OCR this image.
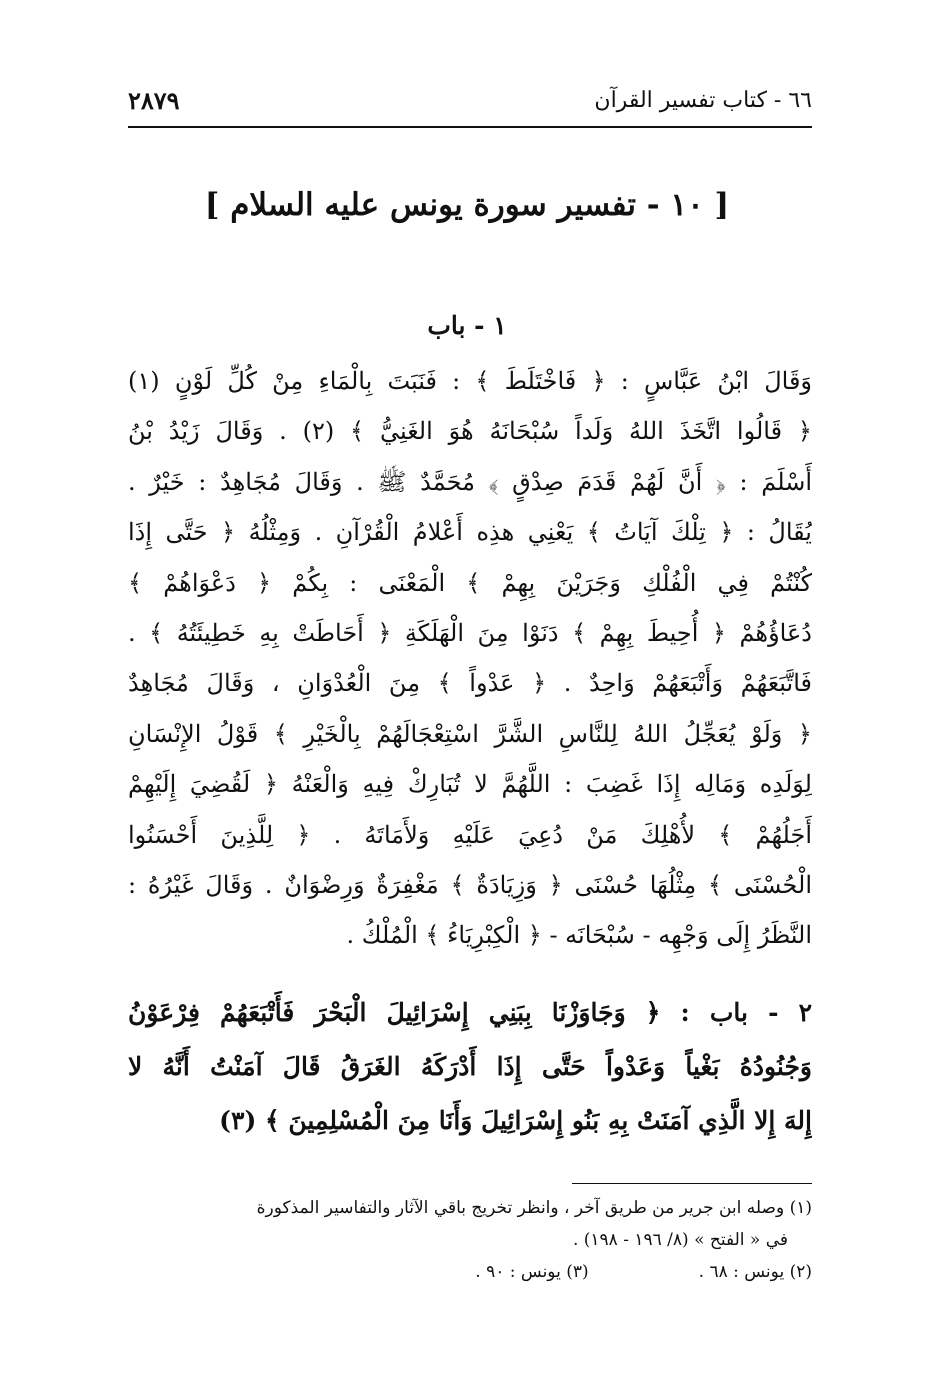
٦٦ - كتاب تفسير القرآن
٢٨٧٩
[ ١٠ - تفسير سورة يونس عليه السلام ]
١ - باب
وَقَالَ ابْنُ عَبَّاسٍ : ﴿ فَاخْتَلَطَ ﴾ : فَنَبَتَ بِالْمَاءِ مِنْ كُلِّ لَوْنٍ (١)
﴿ قَالُوا اتَّخَذَ اللهُ وَلَداً سُبْحَانَهُ هُوَ الغَنِيُّ ﴾ (٢) . وَقَالَ زَيْدُ بْنُ
أَسْلَمَ : ﴿ أَنَّ لَهُمْ قَدَمَ صِدْقٍ ﴾ مُحَمَّدٌ ﷺ . وَقَالَ مُجَاهِدٌ : خَيْرٌ .
يُقَالُ : ﴿ تِلْكَ آيَاتُ ﴾ يَعْنِي هذِه أَعْلامُ الْقُرْآنِ . وَمِثْلُهُ ﴿ حَتَّى إِذَا
كُنْتُمْ فِي الْفُلْكِ وَجَرَيْنَ بِهِمْ ﴾ الْمَعْنَى : بِكُمْ ﴿ دَعْوَاهُمْ ﴾
دُعَاؤُهُمْ ﴿ أُحِيطَ بِهِمْ ﴾ دَنَوْا مِنَ الْهَلَكَةِ ﴿ أَحَاطَتْ بِهِ خَطِيئَتُهُ ﴾ .
فَاتَّبَعَهُمْ وَأَتْبَعَهُمْ وَاحِدٌ . ﴿ عَدْواً ﴾ مِنَ الْعُدْوَانِ ، وَقَالَ مُجَاهِدٌ
﴿ وَلَوْ يُعَجِّلُ اللهُ لِلنَّاسِ الشَّرَّ اسْتِعْجَالَهُمْ بِالْخَيْرِ ﴾ قَوْلُ الإِنْسَانِ
لِوَلَدِه وَمَالِه إِذَا غَضِبَ : اللَّهُمَّ لا تُبَارِكْ فِيهِ وَالْعَنْهُ ﴿ لَقُضِيَ إِلَيْهِمْ
أَجَلُهُمْ ﴾ لأُهْلِكَ مَنْ دُعِيَ عَلَيْهِ وَلأَمَاتَهُ . ﴿ لِلَّذِينَ أَحْسَنُوا
الْحُسْنَى ﴾ مِثْلُهَا حُسْنَى ﴿ وَزِيَادَةٌ ﴾ مَغْفِرَةٌ وَرِضْوَانٌ . وَقَالَ غَيْرُهُ :
النَّظَرُ إِلَى وَجْهِه - سُبْحَانَه - ﴿ الْكِبْرِيَاءُ ﴾ الْمُلْكُ .
٢ - باب : ﴿ وَجَاوَزْنَا بِبَنِي إِسْرَائِيلَ الْبَحْرَ فَأَتْبَعَهُمْ فِرْعَوْنُ
وَجُنُودُهُ بَغْياً وَعَدْواً حَتَّى إِذَا أَدْرَكَهُ الغَرَقُ قَالَ آمَنْتُ أَنَّهُ لا
إِلهَ إِلا الَّذِي آمَنَتْ بِهِ بَنُو إِسْرَائِيلَ وَأَنَا مِنَ الْمُسْلِمِينَ ﴾ (٣)
(١) وصله ابن جرير من طريق آخر ، وانظر تخريج باقي الآثار والتفاسير المذكورة
في « الفتح » (٨/ ١٩٦ - ١٩٨) .
(٢) يونس : ٦٨ .
(٣) يونس : ٩٠ .
